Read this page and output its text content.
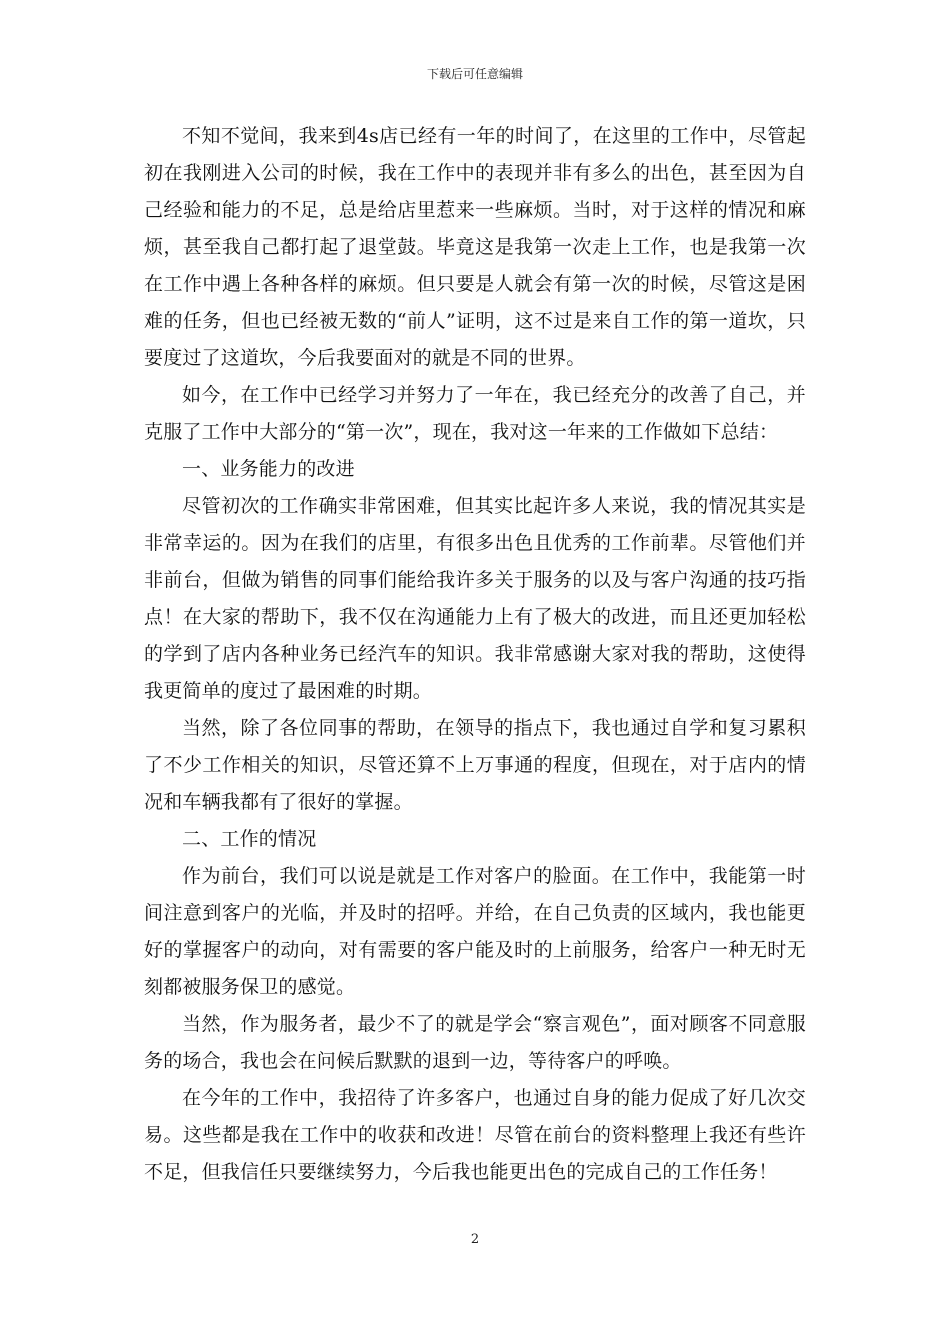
下载后可任意编辑

不知不觉间，我来到4s店已经有一年的时间了，在这里的工作中，尽管起初在我刚进入公司的时候，我在工作中的表现并非有多么的出色，甚至因为自己经验和能力的不足，总是给店里惹来一些麻烦。当时，对于这样的情况和麻烦，甚至我自己都打起了退堂鼓。毕竟这是我第一次走上工作，也是我第一次在工作中遇上各种各样的麻烦。但只要是人就会有第一次的时候，尽管这是困难的任务，但也已经被无数的“前人”证明，这不过是来自工作的第一道坎，只要度过了这道坎，今后我要面对的就是不同的世界。

如今，在工作中已经学习并努力了一年在，我已经充分的改善了自己，并克服了工作中大部分的“第一次”，现在，我对这一年来的工作做如下总结：

一、业务能力的改进

尽管初次的工作确实非常困难，但其实比起许多人来说，我的情况其实是非常幸运的。因为在我们的店里，有很多出色且优秀的工作前辈。尽管他们并非前台，但做为销售的同事们能给我许多关于服务的以及与客户沟通的技巧指点！在大家的帮助下，我不仅在沟通能力上有了极大的改进，而且还更加轻松的学到了店内各种业务已经汽车的知识。我非常感谢大家对我的帮助，这使得我更简单的度过了最困难的时期。

当然，除了各位同事的帮助，在领导的指点下，我也通过自学和复习累积了不少工作相关的知识，尽管还算不上万事通的程度，但现在，对于店内的情况和车辆我都有了很好的掌握。

二、工作的情况

作为前台，我们可以说是就是工作对客户的脸面。在工作中，我能第一时间注意到客户的光临，并及时的招呼。并给，在自己负责的区域内，我也能更好的掌握客户的动向，对有需要的客户能及时的上前服务，给客户一种无时无刻都被服务保卫的感觉。

当然，作为服务者，最少不了的就是学会“察言观色”，面对顾客不同意服务的场合，我也会在问候后默默的退到一边，等待客户的呼唤。

在今年的工作中，我招待了许多客户，也通过自身的能力促成了好几次交易。这些都是我在工作中的收获和改进！尽管在前台的资料整理上我还有些许不足，但我信任只要继续努力，今后我也能更出色的完成自己的工作任务！

2
